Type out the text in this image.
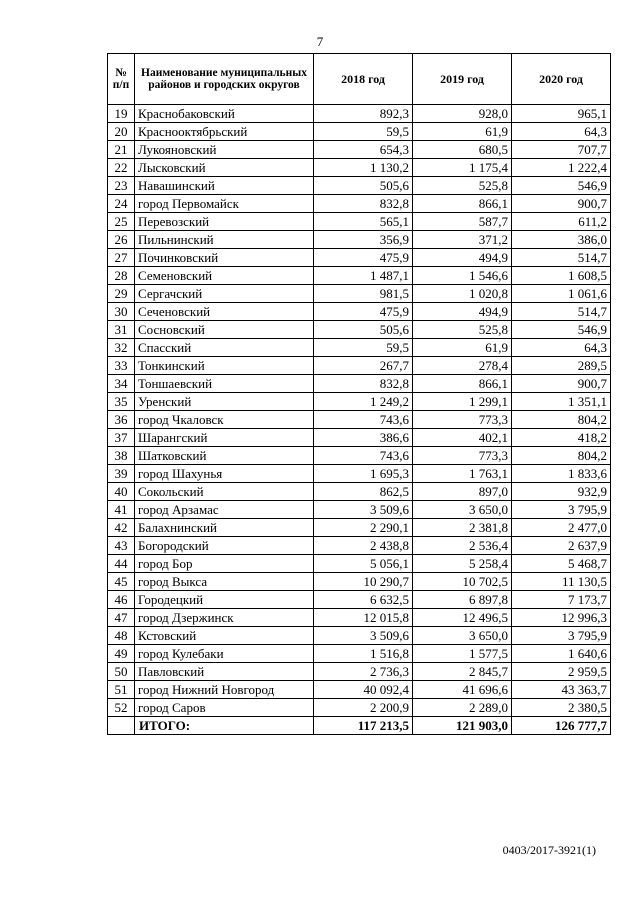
7
№ п/п	Наименование муниципальных районов и городских округов	2018 год	2019 год	2020 год
19	Краснобаковский	892,3	928,0	965,1
20	Краснооктябрьский	59,5	61,9	64,3
21	Лукояновский	654,3	680,5	707,7
22	Лысковский	1 130,2	1 175,4	1 222,4
23	Навашинский	505,6	525,8	546,9
24	город Первомайск	832,8	866,1	900,7
25	Перевозский	565,1	587,7	611,2
26	Пильнинский	356,9	371,2	386,0
27	Починковский	475,9	494,9	514,7
28	Семеновский	1 487,1	1 546,6	1 608,5
29	Сергачский	981,5	1 020,8	1 061,6
30	Сеченовский	475,9	494,9	514,7
31	Сосновский	505,6	525,8	546,9
32	Спасский	59,5	61,9	64,3
33	Тонкинский	267,7	278,4	289,5
34	Тоншаевский	832,8	866,1	900,7
35	Уренский	1 249,2	1 299,1	1 351,1
36	город Чкаловск	743,6	773,3	804,2
37	Шарангский	386,6	402,1	418,2
38	Шатковский	743,6	773,3	804,2
39	город Шахунья	1 695,3	1 763,1	1 833,6
40	Сокольский	862,5	897,0	932,9
41	город Арзамас	3 509,6	3 650,0	3 795,9
42	Балахнинский	2 290,1	2 381,8	2 477,0
43	Богородский	2 438,8	2 536,4	2 637,9
44	город Бор	5 056,1	5 258,4	5 468,7
45	город Выкса	10 290,7	10 702,5	11 130,5
46	Городецкий	6 632,5	6 897,8	7 173,7
47	город Дзержинск	12 015,8	12 496,5	12 996,3
48	Кстовский	3 509,6	3 650,0	3 795,9
49	город Кулебаки	1 516,8	1 577,5	1 640,6
50	Павловский	2 736,3	2 845,7	2 959,5
51	город Нижний Новгород	40 092,4	41 696,6	43 363,7
52	город Саров	2 200,9	2 289,0	2 380,5
	ИТОГО:	117 213,5	121 903,0	126 777,7
0403/2017-3921(1)
